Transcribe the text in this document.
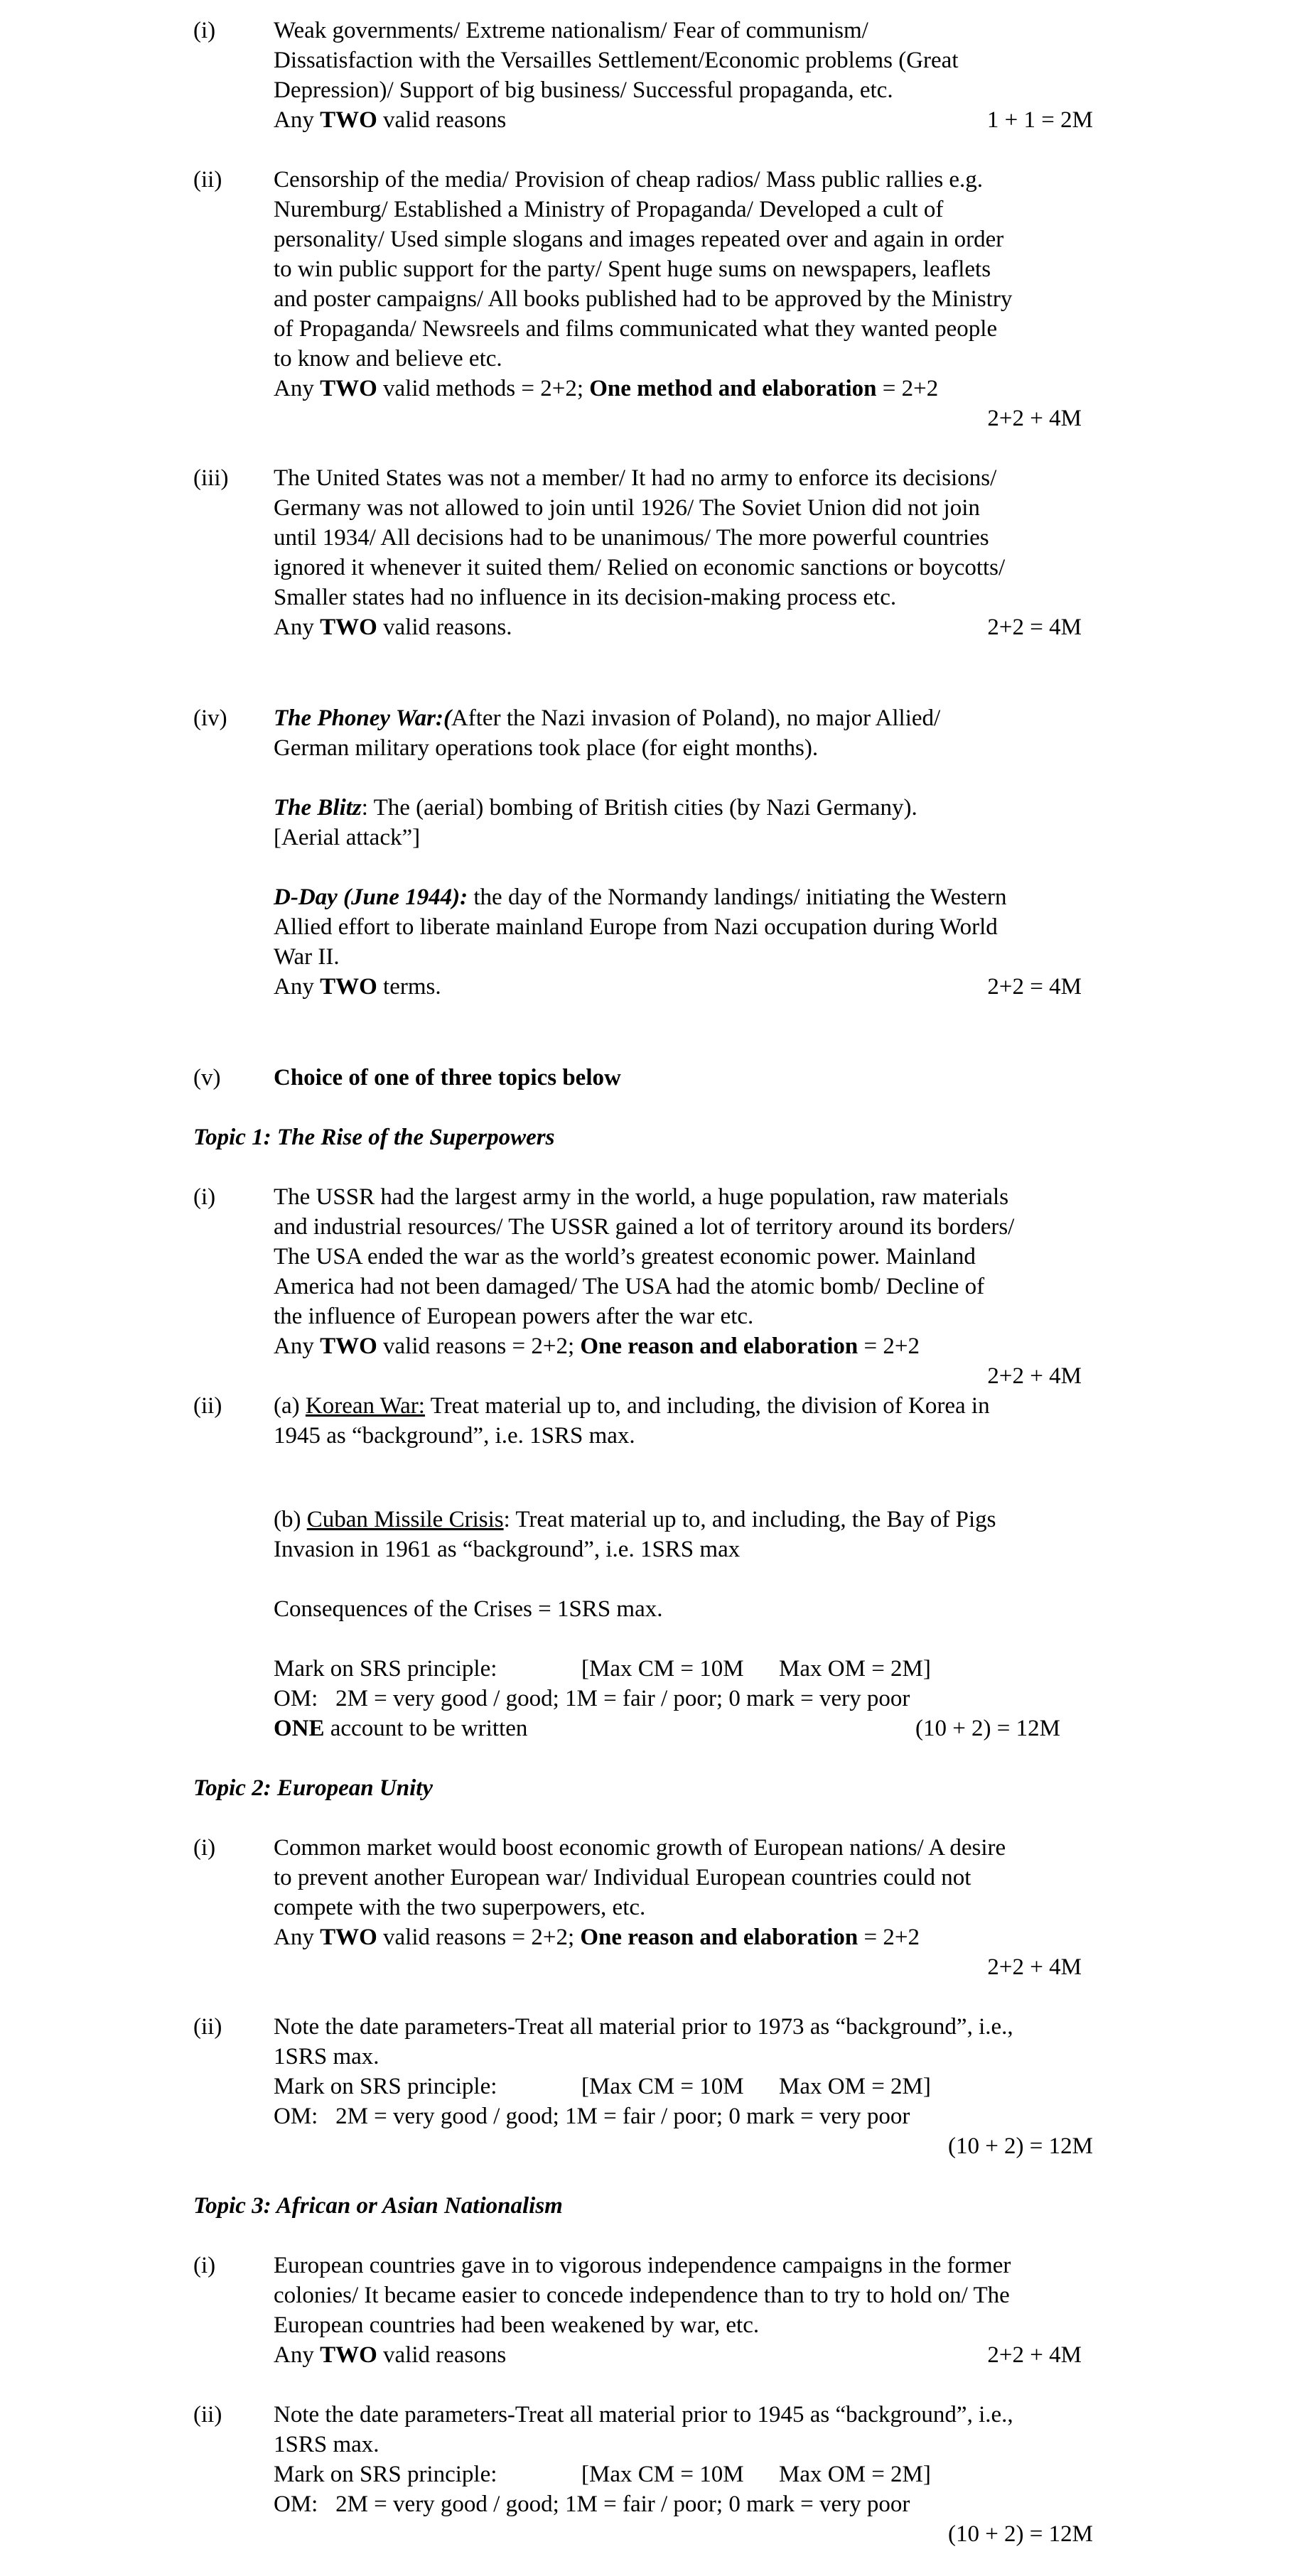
(i) Weak governments/ Extreme nationalism/ Fear of communism/
Dissatisfaction with the Versailles Settlement/Economic problems (Great
Depression)/ Support of big business/ Successful propaganda, etc.
Any TWO valid reasons	1 + 1 = 2M
(ii) Censorship of the media/ Provision of cheap radios/ Mass public rallies e.g.
Nuremburg/ Established a Ministry of Propaganda/ Developed a cult of
personality/ Used simple slogans and images repeated over and again in order
to win public support for the party/ Spent huge sums on newspapers, leaflets
and poster campaigns/ All books published had to be approved by the Ministry
of Propaganda/ Newsreels and films communicated what they wanted people
to know and believe etc.
Any TWO valid methods = 2+2; One method and elaboration = 2+2
2+2 + 4M
(iii) The United States was not a member/ It had no army to enforce its decisions/
Germany was not allowed to join until 1926/ The Soviet Union did not join
until 1934/ All decisions had to be unanimous/ The more powerful countries
ignored it whenever it suited them/ Relied on economic sanctions or boycotts/
Smaller states had no influence in its decision-making process etc.
Any TWO valid reasons.	2+2 = 4M
(iv) The Phoney War:(After the Nazi invasion of Poland), no major Allied/
German military operations took place (for eight months).
The Blitz: The (aerial) bombing of British cities (by Nazi Germany).
[Aerial attack”]
D-Day (June 1944): the day of the Normandy landings/ initiating the Western
Allied effort to liberate mainland Europe from Nazi occupation during World
War II.
Any TWO terms.	2+2 = 4M
(v) Choice of one of three topics below
Topic 1: The Rise of the Superpowers
(i) The USSR had the largest army in the world, a huge population, raw materials
and industrial resources/ The USSR gained a lot of territory around its borders/
The USA ended the war as the world’s greatest economic power. Mainland
America had not been damaged/ The USA had the atomic bomb/ Decline of
the influence of European powers after the war etc.
Any TWO valid reasons = 2+2; One reason and elaboration = 2+2
2+2 + 4M
(ii) (a) Korean War: Treat material up to, and including, the division of Korea in
1945 as “background”, i.e. 1SRS max.
(b) Cuban Missile Crisis: Treat material up to, and including, the Bay of Pigs
Invasion in 1961 as “background”, i.e. 1SRS max
Consequences of the Crises = 1SRS max.
Mark on SRS principle:	[Max CM = 10M      Max OM = 2M]
OM:   2M = very good / good; 1M = fair / poor; 0 mark = very poor
ONE account to be written	(10 + 2) = 12M
Topic 2: European Unity
(i) Common market would boost economic growth of European nations/ A desire
to prevent another European war/ Individual European countries could not
compete with the two superpowers, etc.
Any TWO valid reasons = 2+2; One reason and elaboration = 2+2
2+2 + 4M
(ii) Note the date parameters-Treat all material prior to 1973 as “background”, i.e.,
1SRS max.
Mark on SRS principle:	[Max CM = 10M      Max OM = 2M]
OM:   2M = very good / good; 1M = fair / poor; 0 mark = very poor
(10 + 2) = 12M
Topic 3: African or Asian Nationalism
(i) European countries gave in to vigorous independence campaigns in the former
colonies/ It became easier to concede independence than to try to hold on/ The
European countries had been weakened by war, etc.
Any TWO valid reasons	2+2 + 4M
(ii) Note the date parameters-Treat all material prior to 1945 as “background”, i.e.,
1SRS max.
Mark on SRS principle:	[Max CM = 10M      Max OM = 2M]
OM:   2M = very good / good; 1M = fair / poor; 0 mark = very poor
(10 + 2) = 12M
